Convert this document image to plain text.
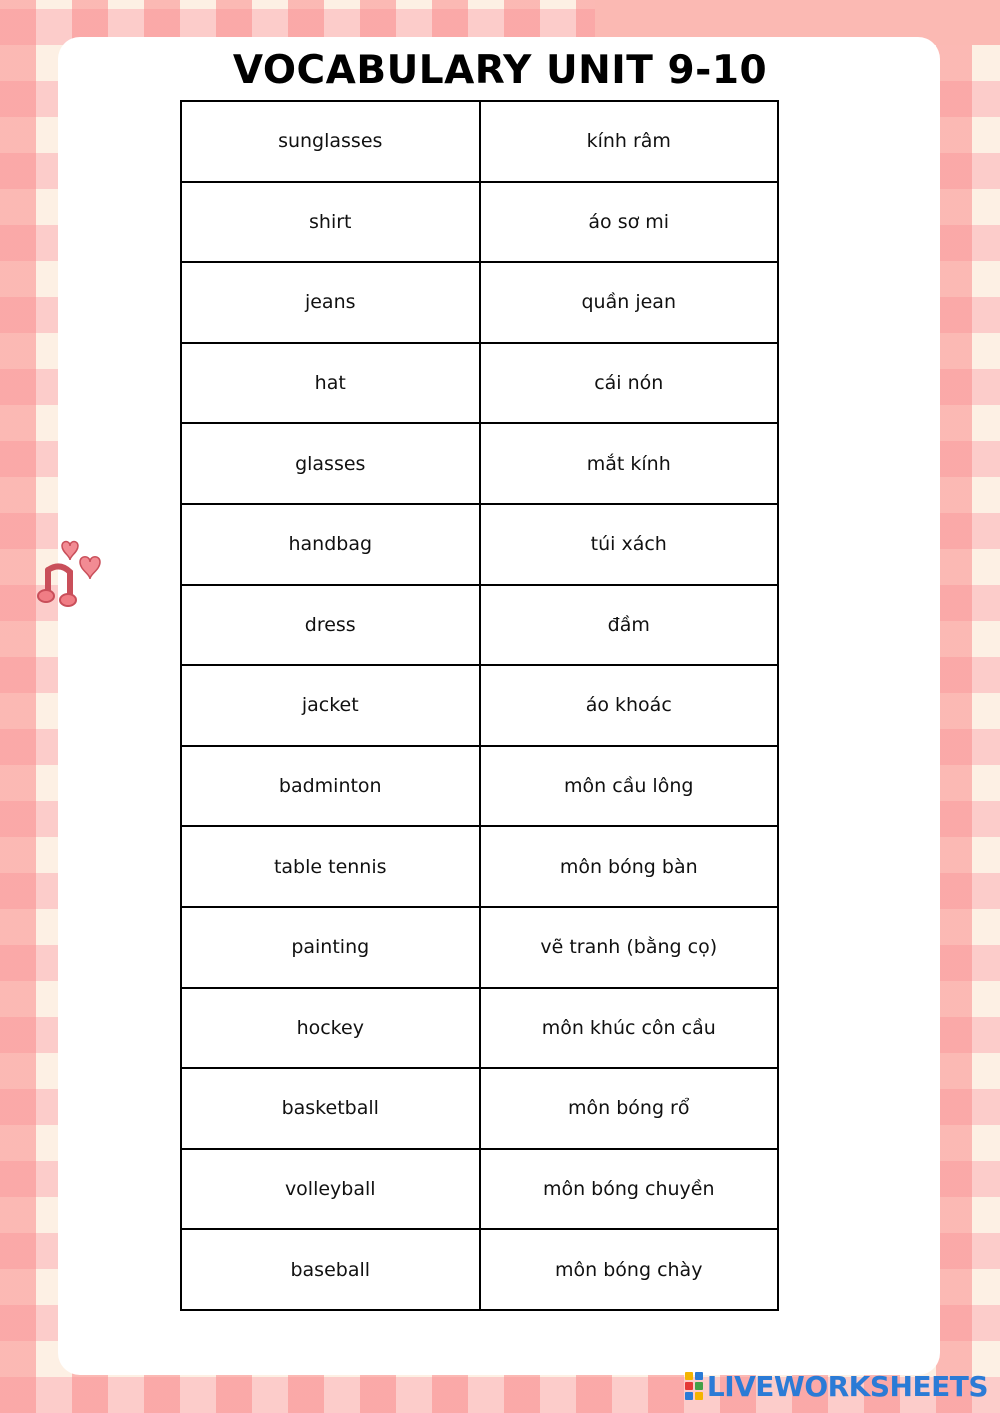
VOCABULARY UNIT 9-10
sunglasses	kính râm
shirt	áo sơ mi
jeans	quần jean
hat	cái nón
glasses	mắt kính
handbag	túi xách
dress	đầm
jacket	áo khoác
badminton	môn cầu lông
table tennis	môn bóng bàn
painting	vẽ tranh (bằng cọ)
hockey	môn khúc côn cầu
basketball	môn bóng rổ
volleyball	môn bóng chuyền
baseball	môn bóng chày
LIVEWORKSHEETS
